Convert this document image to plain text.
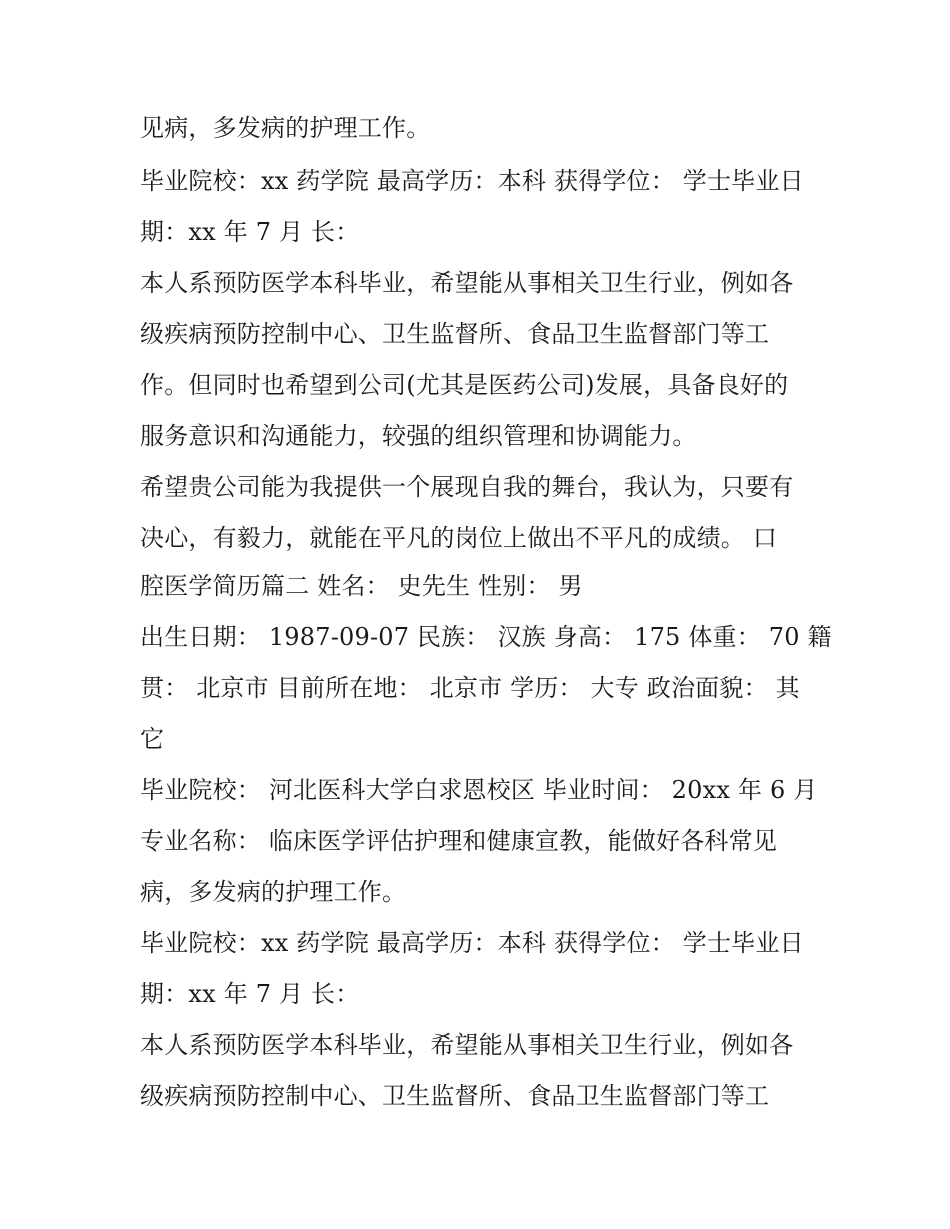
见病，多发病的护理工作。
毕业院校：xx 药学院 最高学历：本科 获得学位： 学士毕业日
期：xx 年 7 月 长：
本人系预防医学本科毕业，希望能从事相关卫生行业，例如各
级疾病预防控制中心、卫生监督所、食品卫生监督部门等工
作。但同时也希望到公司(尤其是医药公司)发展，具备良好的
服务意识和沟通能力，较强的组织管理和协调能力。
希望贵公司能为我提供一个展现自我的舞台，我认为，只要有
决心，有毅力，就能在平凡的岗位上做出不平凡的成绩。 口
腔医学简历篇二 姓名： 史先生 性别： 男
出生日期： 1987-09-07 民族： 汉族 身高： 175 体重： 70 籍
贯： 北京市 目前所在地： 北京市 学历： 大专 政治面貌： 其
它
毕业院校： 河北医科大学白求恩校区 毕业时间： 20xx 年 6 月
专业名称： 临床医学评估护理和健康宣教，能做好各科常见
病，多发病的护理工作。
毕业院校：xx 药学院 最高学历：本科 获得学位： 学士毕业日
期：xx 年 7 月 长：
本人系预防医学本科毕业，希望能从事相关卫生行业，例如各
级疾病预防控制中心、卫生监督所、食品卫生监督部门等工
